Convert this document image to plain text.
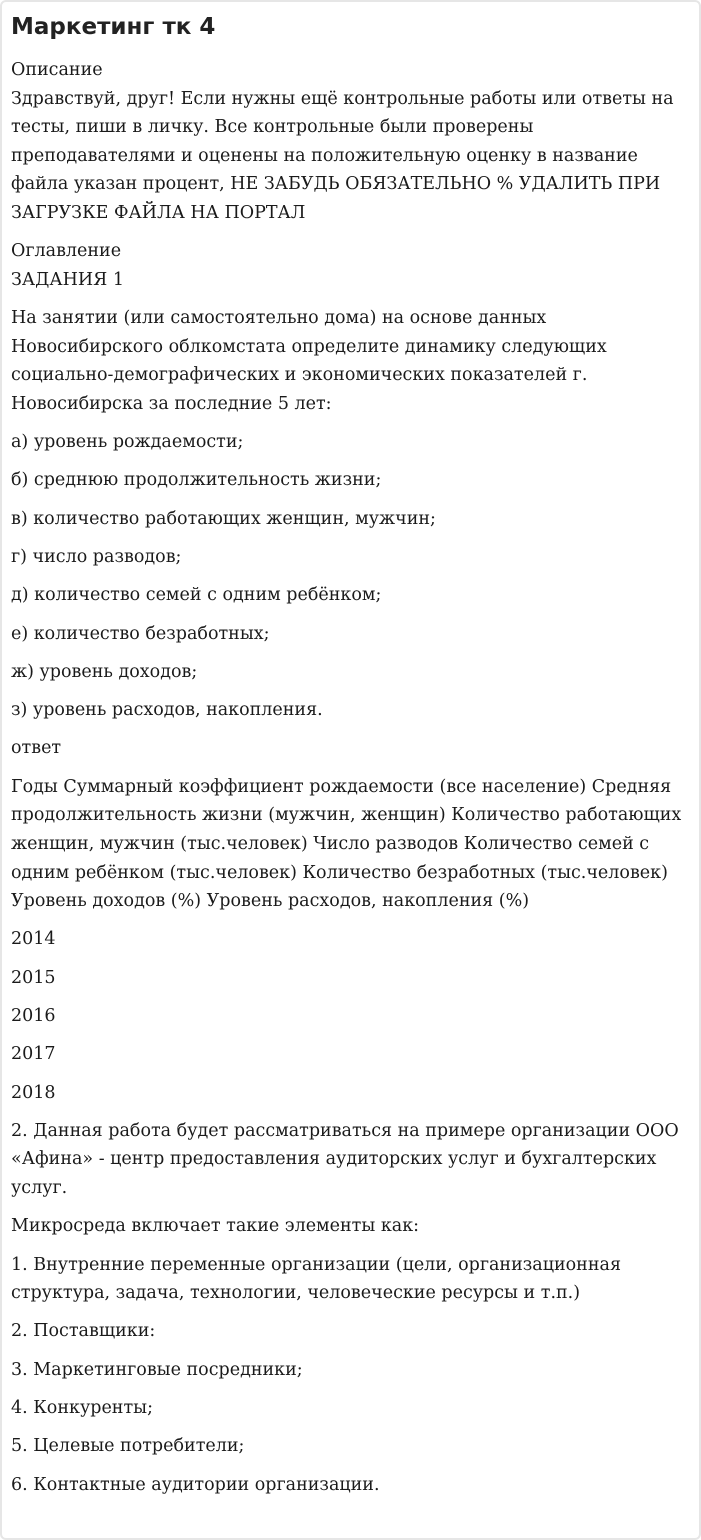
Маркетинг тк 4

Описание

Здравствуй, друг! Если нужны ещё контрольные работы или ответы на тесты, пиши в личку. Все контрольные были проверены преподавателями и оценены на положительную оценку в название файла указан процент, НЕ ЗАБУДЬ ОБЯЗАТЕЛЬНО % УДАЛИТЬ ПРИ ЗАГРУЗКЕ ФАЙЛА НА ПОРТАЛ

Оглавление

ЗАДАНИЯ 1

На занятии (или самостоятельно дома) на основе данных Новосибирского облкомстата определите динамику следующих социально-демографических и экономических показателей г. Новосибирска за последние 5 лет:

а) уровень рождаемости;

б) среднюю продолжительность жизни;

в) количество работающих женщин, мужчин;

г) число разводов;

д) количество семей с одним ребёнком;

е) количество безработных;

ж) уровень доходов;

з) уровень расходов, накопления.

ответ

Годы Суммарный коэффициент рождаемости (все население) Средняя продолжительность жизни (мужчин, женщин) Количество работающих женщин, мужчин (тыс.человек) Число разводов Количество семей с одним ребёнком (тыс.человек) Количество безработных (тыс.человек) Уровень доходов (%) Уровень расходов, накопления (%)

2014

2015

2016

2017

2018

2. Данная работа будет рассматриваться на примере организации ООО «Афина» - центр предоставления аудиторских услуг и бухгалтерских услуг.

Микросреда включает такие элементы как:

1. Внутренние переменные организации (цели, организационная структура, задача, технологии, человеческие ресурсы и т.п.)

2. Поставщики:

3. Маркетинговые посредники;

4. Конкуренты;

5. Целевые потребители;

6. Контактные аудитории организации.
